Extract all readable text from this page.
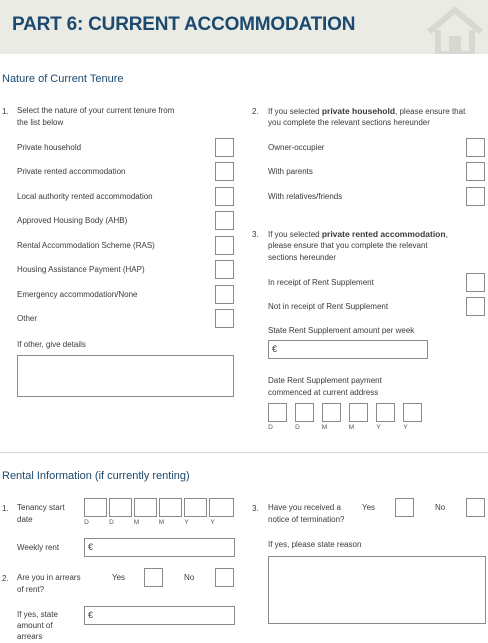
PART 6: CURRENT ACCOMMODATION
Nature of Current Tenure
1. Select the nature of your current tenure from
the list below
Private household
Private rented accommodation
Local authority rented accommodation
Approved Housing Body (AHB)
Rental Accommodation Scheme (RAS)
Housing Assistance Payment (HAP)
Emergency accommodation/None
Other
If other, give details
2. If you selected private household, please ensure that
you complete the relevant sections hereunder
Owner-occupier
With parents
With relatives/friends
3. If you selected private rented accommodation,
please ensure that you complete the relevant
sections hereunder
In receipt of Rent Supplement
Not in receipt of Rent Supplement
State Rent Supplement amount per week
€
Date Rent Supplement payment
commenced at current address
D	D	M	M	Y	Y
Rental Information (if currently renting)
1. Tenancy start
date	D	D	M	M	Y	Y
Weekly rent	€
2. Are you in arrears
of rent?
Yes	No
If yes, state
amount of
arrears
€
3. Have you received a
notice of termination?
Yes	No
If yes, please state reason
